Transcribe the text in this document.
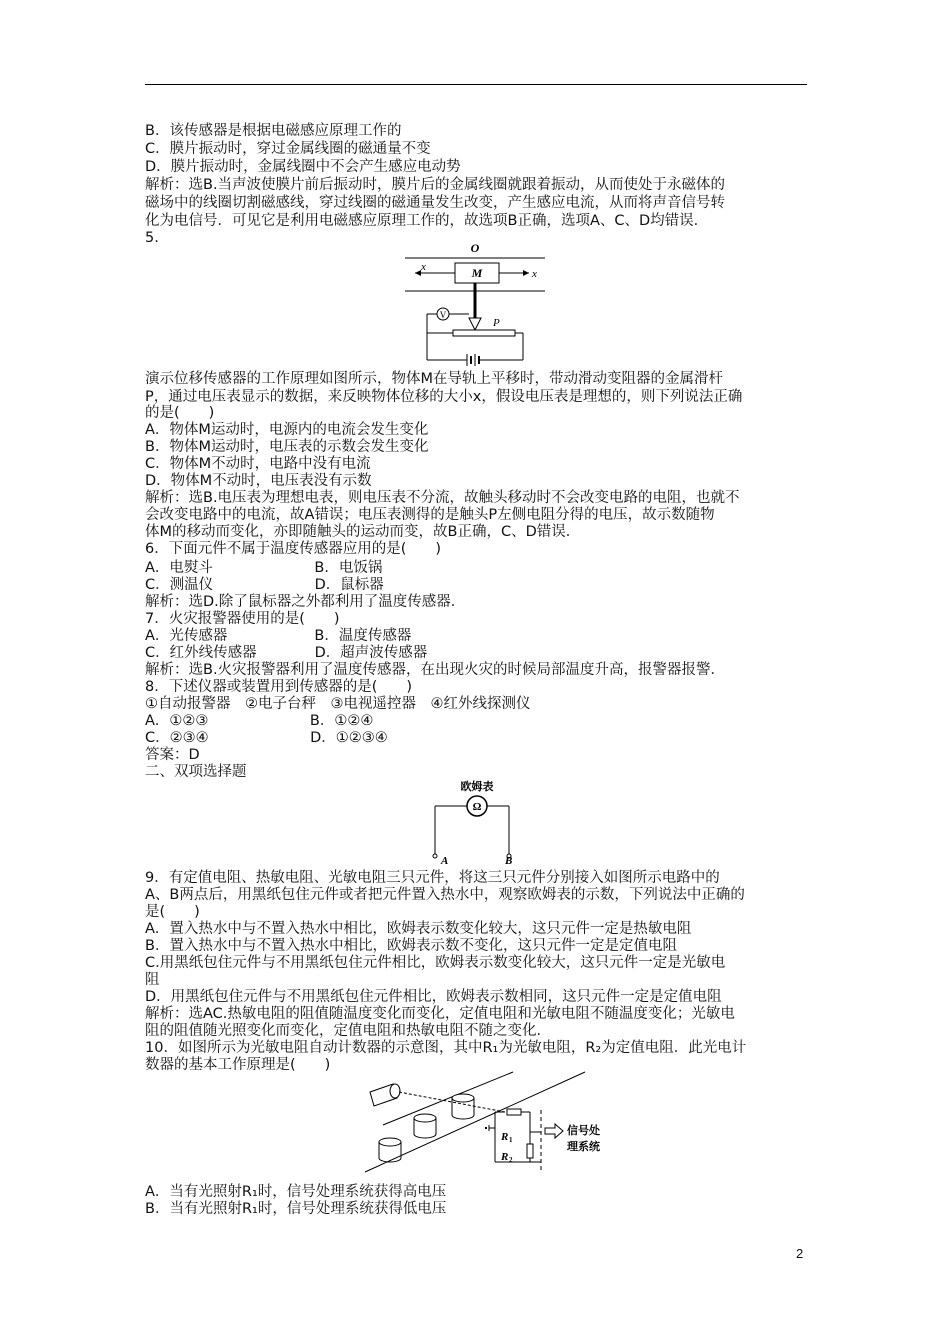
B．该传感器是根据电磁感应原理工作的
C．膜片振动时，穿过金属线圈的磁通量不变
D．膜片振动时，金属线圈中不会产生感应电动势
解析：选B.当声波使膜片前后振动时，膜片后的金属线圈就跟着振动，从而使处于永磁体的
磁场中的线圈切割磁感线，穿过线圈的磁通量发生改变，产生感应电流，从而将声音信号转
化为电信号．可见它是利用电磁感应原理工作的，故选项B正确，选项A、C、D均错误．
5.
O
M
x
x
P
V
演示位移传感器的工作原理如图所示，物体M在导轨上平移时，带动滑动变阻器的金属滑杆
P，通过电压表显示的数据，来反映物体位移的大小x，假设电压表是理想的，则下列说法正确
的是(　　)
A．物体M运动时，电源内的电流会发生变化
B．物体M运动时，电压表的示数会发生变化
C．物体M不动时，电路中没有电流
D．物体M不动时，电压表没有示数
解析：选B.电压表为理想电表，则电压表不分流，故触头移动时不会改变电路的电阻，也就不
会改变电路中的电流，故A错误；电压表测得的是触头P左侧电阻分得的电压，故示数随物
体M的移动而变化，亦即随触头的运动而变，故B正确，C、D错误．
6．下面元件不属于温度传感器应用的是(　　)
A．电熨斗　　　　　　　B．电饭锅
C．测温仪　　　　　　　D．鼠标器
解析：选D.除了鼠标器之外都利用了温度传感器．
7．火灾报警器使用的是(　　)
A．光传感器　　　　　　B．温度传感器
C．红外线传感器　　　　D．超声波传感器
解析：选B.火灾报警器利用了温度传感器，在出现火灾的时候局部温度升高，报警器报警．
8．下述仪器或装置用到传感器的是(　　)
①自动报警器　②电子台秤　③电视遥控器　④红外线探测仪
A．①②③　　　　　　　B．①②④
C．②③④　　　　　　　D．①②③④
答案：D
二、双项选择题
欧姆表
Ω
A	B
9．有定值电阻、热敏电阻、光敏电阻三只元件，将这三只元件分别接入如图所示电路中的
A、B两点后，用黑纸包住元件或者把元件置入热水中，观察欧姆表的示数，下列说法中正确的
是(　　)
A．置入热水中与不置入热水中相比，欧姆表示数变化较大，这只元件一定是热敏电阻
B．置入热水中与不置入热水中相比，欧姆表示数不变化，这只元件一定是定值电阻
C.用黑纸包住元件与不用黑纸包住元件相比，欧姆表示数变化较大，这只元件一定是光敏电
阻
D．用黑纸包住元件与不用黑纸包住元件相比，欧姆表示数相同，这只元件一定是定值电阻
解析：选AC.热敏电阻的阻值随温度变化而变化，定值电阻和光敏电阻不随温度变化；光敏电
阻的阻值随光照变化而变化，定值电阻和热敏电阻不随之变化．
10．如图所示为光敏电阻自动计数器的示意图，其中R₁为光敏电阻，R₂为定值电阻．此光电计
数器的基本工作原理是(　　)
R 1
R 2
信号处
理系统
A．当有光照射R₁时，信号处理系统获得高电压
B．当有光照射R₁时，信号处理系统获得低电压
2
